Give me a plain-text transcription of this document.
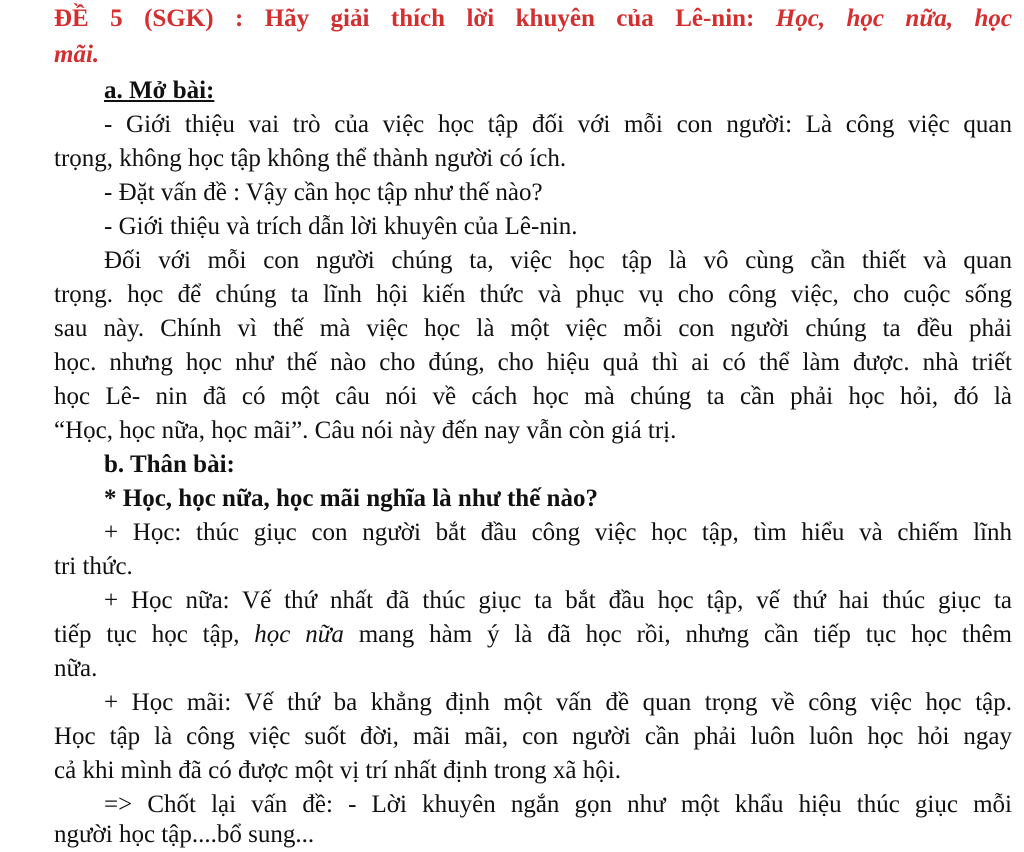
ĐỀ 5 (SGK) : Hãy giải thích lời khuyên của Lê-nin: Học, học nữa, học
mãi.
a. Mở bài:
- Giới thiệu vai trò của việc học tập đối với mỗi con người: Là công việc quan
trọng, không học tập không thể thành người có ích.
- Đặt vấn đề : Vậy cần học tập như thế nào?
- Giới thiệu và trích dẫn lời khuyên của Lê-nin.
Đối với mỗi con người chúng ta, việc học tập là vô cùng cần thiết và quan
trọng. học để chúng ta lĩnh hội kiến thức và phục vụ cho công việc, cho cuộc sống
sau này. Chính vì thế mà việc học là một việc mỗi con người chúng ta đều phải
học. nhưng học như thế nào cho đúng, cho hiệu quả thì ai có thể làm được. nhà triết
học Lê- nin đã có một câu nói về cách học mà chúng ta cần phải học hỏi, đó là
“Học, học nữa, học mãi”. Câu nói này đến nay vẫn còn giá trị.
b. Thân bài:
* Học, học nữa, học mãi nghĩa là như thế nào?
+ Học: thúc giục con người bắt đầu công việc học tập, tìm hiểu và chiếm lĩnh
tri thức.
+ Học nữa: Vế thứ nhất đã thúc giục ta bắt đầu học tập, vế thứ hai thúc giục ta
tiếp tục học tập, học nữa mang hàm ý là đã học rồi, nhưng cần tiếp tục học thêm
nữa.
+ Học mãi: Vế thứ ba khẳng định một vấn đề quan trọng về công việc học tập.
Học tập là công việc suốt đời, mãi mãi, con người cần phải luôn luôn học hỏi ngay
cả khi mình đã có được một vị trí nhất định trong xã hội.
=> Chốt lại vấn đề: - Lời khuyên ngắn gọn như một khẩu hiệu thúc giục mỗi
người học tập....bổ sung...
